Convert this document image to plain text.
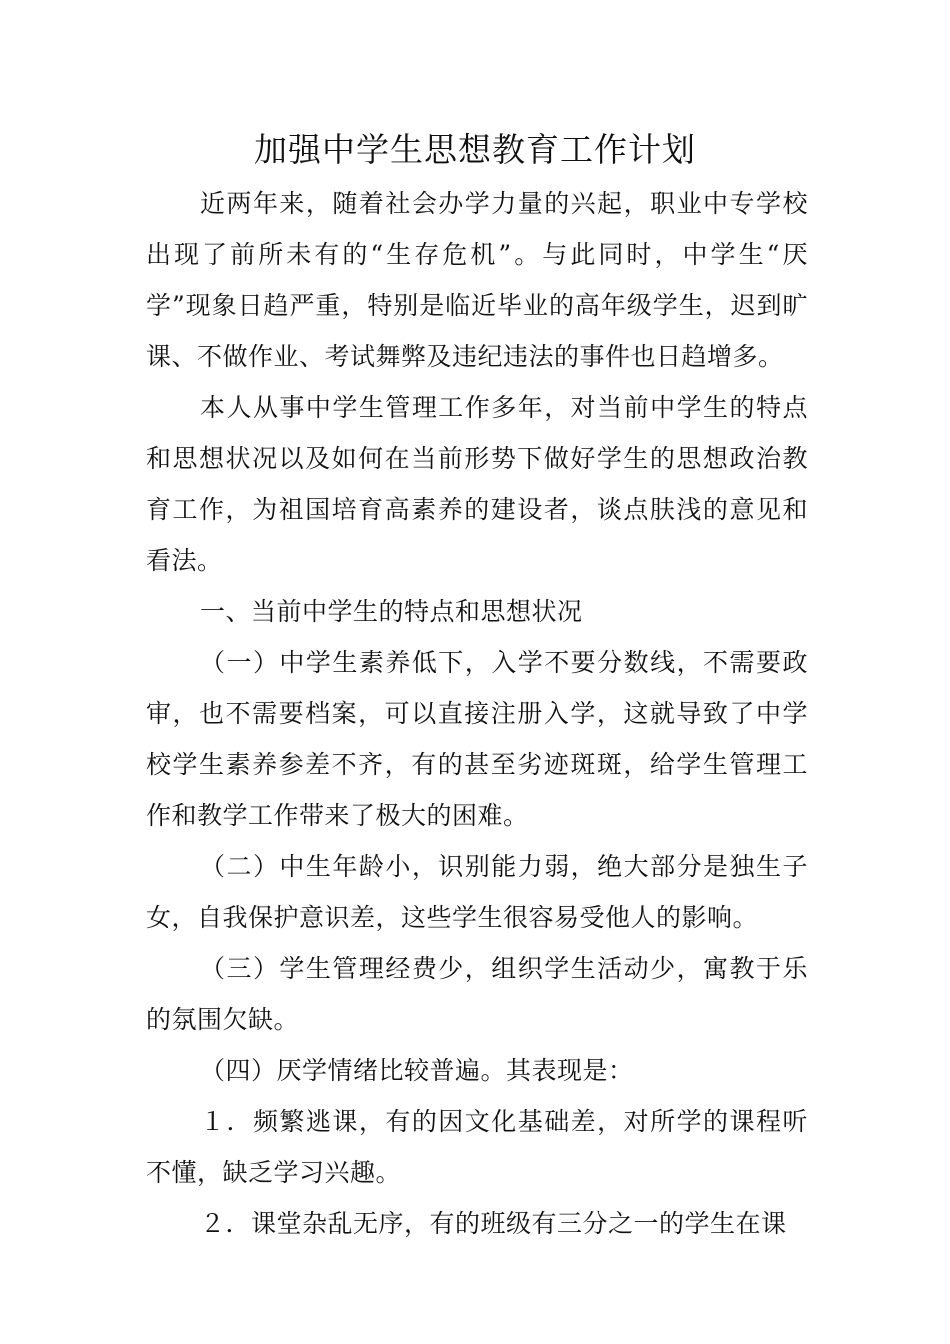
加强中学生思想教育工作计划

近两年来，随着社会办学力量的兴起，职业中专学校出现了前所未有的“生存危机”。与此同时，中学生“厌学”现象日趋严重，特别是临近毕业的高年级学生，迟到旷课、不做作业、考试舞弊及违纪违法的事件也日趋增多。

本人从事中学生管理工作多年，对当前中学生的特点和思想状况以及如何在当前形势下做好学生的思想政治教育工作，为祖国培育高素养的建设者，谈点肤浅的意见和看法。

一、当前中学生的特点和思想状况

（一）中学生素养低下，入学不要分数线，不需要政审，也不需要档案，可以直接注册入学，这就导致了中学校学生素养参差不齐，有的甚至劣迹斑斑，给学生管理工作和教学工作带来了极大的困难。

（二）中生年龄小，识别能力弱，绝大部分是独生子女，自我保护意识差，这些学生很容易受他人的影响。

（三）学生管理经费少，组织学生活动少，寓教于乐的氛围欠缺。

（四）厌学情绪比较普遍。其表现是：

１．频繁逃课，有的因文化基础差，对所学的课程听不懂，缺乏学习兴趣。

２．课堂杂乱无序，有的班级有三分之一的学生在课
